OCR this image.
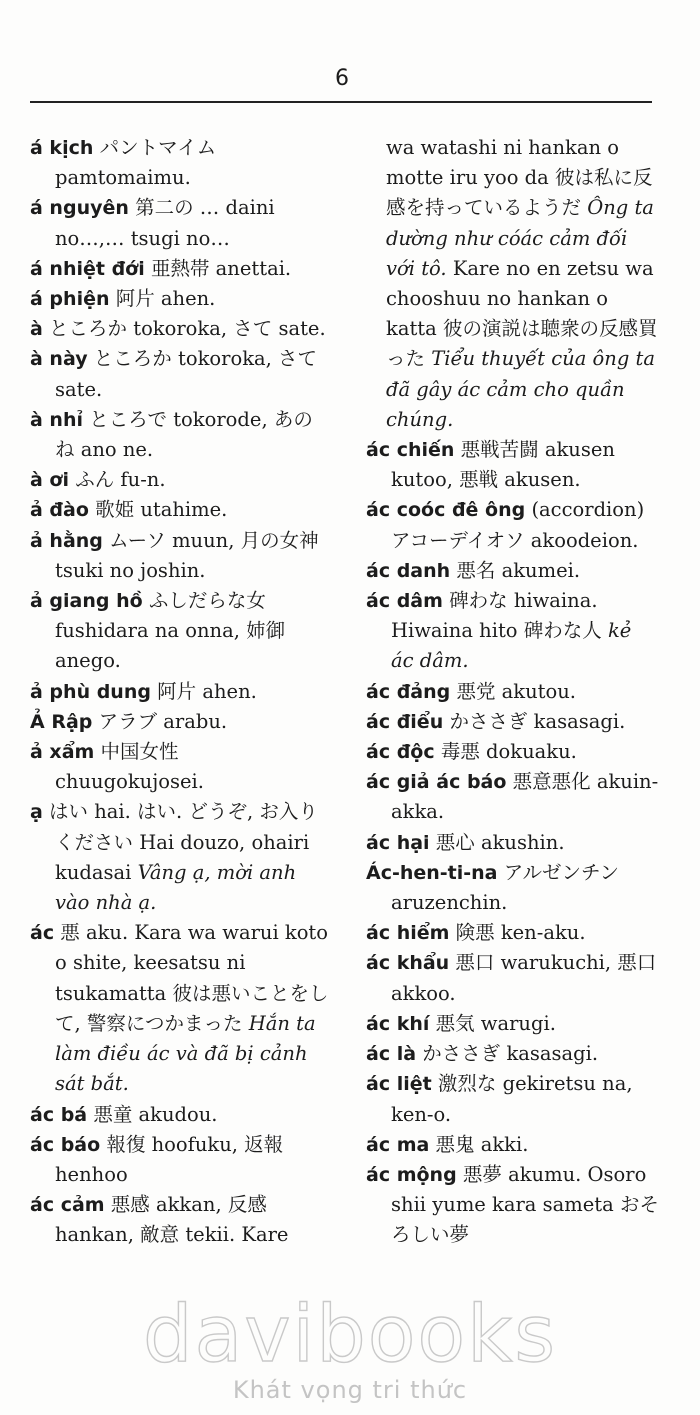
6

á kịch パントマイム pamtomaimu.

á nguyên 第二の … daini no…,… tsugi no…

á nhiệt đới 亜熱帯 anettai.

á phiện 阿片 ahen.

à ところか tokoroka, さて sate.

à này ところか tokoroka, さて sate.

à nhỉ ところで tokorode, あのね ano ne.

à ơi ふん fu-n.

ả đào 歌姫 utahime.

ả hằng ムーソ muun, 月の女神 tsuki no joshin.

ả giang hồ ふしだらな女 fushidara na onna, 姉御 anego.

ả phù dung 阿片 ahen.

Ả Rập アラブ arabu.

ả xẩm 中国女性 chuugokujosei.

ạ はい hai. はい. どうぞ, お入りください Hai douzo, ohairi kudasai Vâng ạ, mời anh vào nhà ạ.

ác 悪 aku. Kara wa warui koto o shite, keesatsu ni tsukamatta 彼は悪いことをして, 警察につかまった Hắn ta làm điều ác và đã bị cảnh sát bắt.

ác bá 悪童 akudou.

ác báo 報復 hoofuku, 返報 henhoo

ác cảm 悪感 akkan, 反感 hankan, 敵意 tekii. Kare

wa watashi ni hankan o motte iru yoo da 彼は私に反感を持っているようだ Ông ta dường như cóác cảm đối với tô. Kare no en zetsu wa chooshuu no hankan o katta 彼の演説は聴衆の反感買った Tiểu thuyết của ông ta đã gây ác cảm cho quần chúng.

ác chiến 悪戦苦闘 akusen kutoo, 悪戦 akusen.

ác coóc đê ông (accordion) アコーデイオソ akoodeion.

ác danh 悪名 akumei.

ác dâm 碑わな hiwaina. Hiwaina hito 碑わな人 kẻ ác dâm.

ác đảng 悪党 akutou.

ác điểu かささぎ kasasagi.

ác độc 毒悪 dokuaku.

ác giả ác báo 悪意悪化 akuin-akka.

ác hại 悪心 akushin.

Ác-hen-ti-na アルゼンチン aruzenchin.

ác hiểm 険悪 ken-aku.

ác khẩu 悪口 warukuchi, 悪口 akkoo.

ác khí 悪気 warugi.

ác là かささぎ kasasagi.

ác liệt 激烈な gekiretsu na, ken-o.

ác ma 悪鬼 akki.

ác mộng 悪夢 akumu. Osoro shii yume kara sameta おそろしい夢

davibooks
Khát vọng tri thức
